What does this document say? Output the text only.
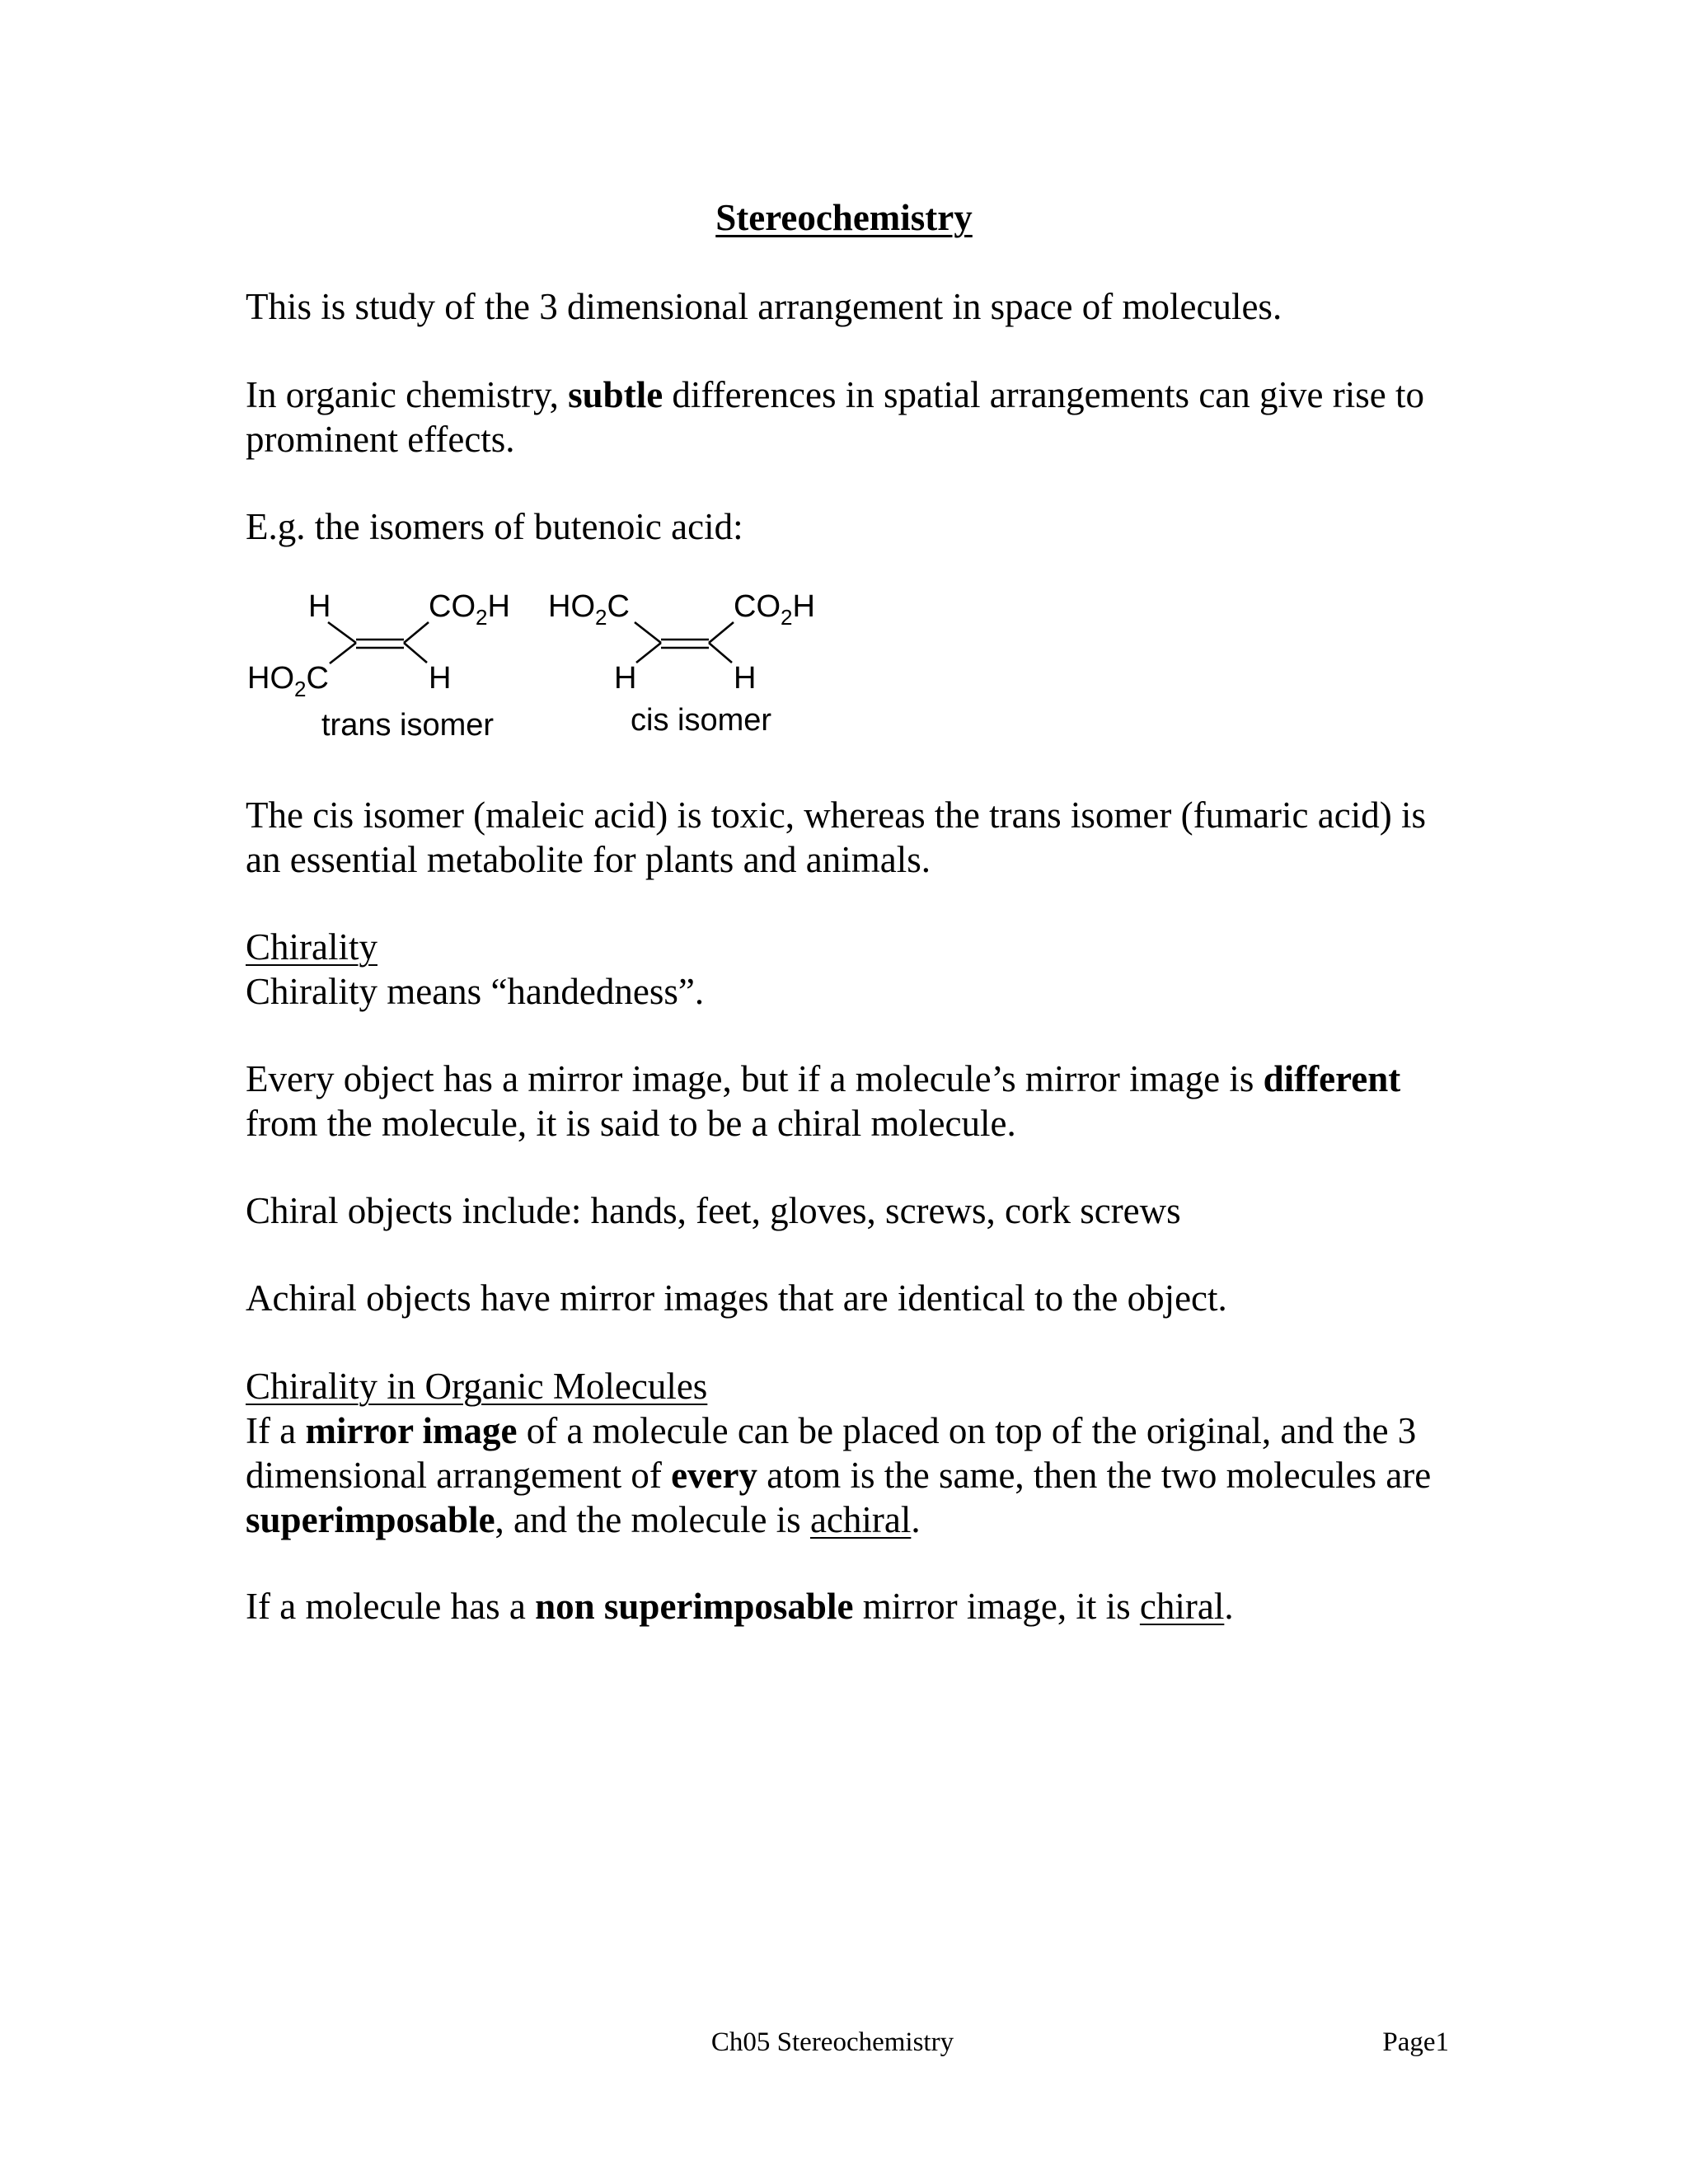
Stereochemistry

This is study of the 3 dimensional arrangement in space of molecules.

In organic chemistry, subtle differences in spatial arrangements can give rise to prominent effects.

E.g. the isomers of butenoic acid:

H	$CO_2H$
$HO_2C$	H
trans isomer
$HO_2C$	$CO_2H$
H	H
cis isomer

The cis isomer (maleic acid) is toxic, whereas the trans isomer (fumaric acid) is an essential metabolite for plants and animals.

Chirality
Chirality means “handedness”.

Every object has a mirror image, but if a molecule’s mirror image is different from the molecule, it is said to be a chiral molecule.

Chiral objects include: hands, feet, gloves, screws, cork screws

Achiral objects have mirror images that are identical to the object.

Chirality in Organic Molecules
If a mirror image of a molecule can be placed on top of the original, and the 3 dimensional arrangement of every atom is the same, then the two molecules are superimposable, and the molecule is achiral.

If a molecule has a non superimposable mirror image, it is chiral.

Ch05 Stereochemistry	Page1
